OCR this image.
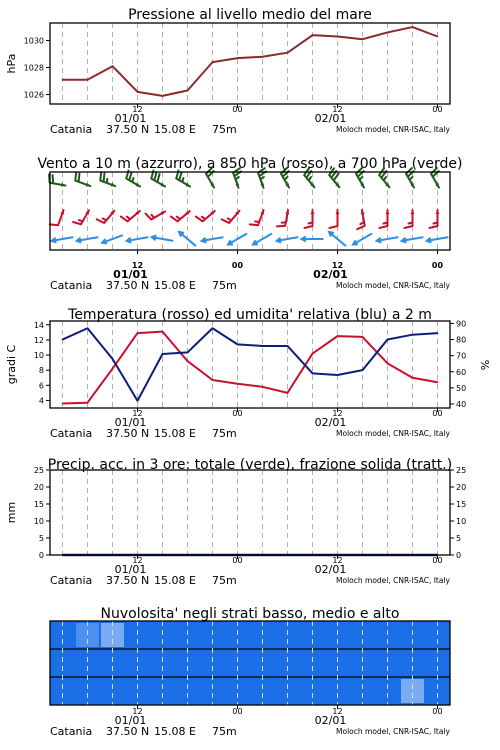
1026
1028
1030
hPa
12
01/01
00	12
02/01
00
Catania 37.50 N 15.08 E 75m	Moloch model, CNR-ISAC, Italy
Pressione al livello medio del mare
12
01/01
00	12
02/01
00
Catania 37.50 N 15.08 E 75m	Moloch model, CNR-ISAC, Italy
Vento a 10 m (azzurro), a 850 hPa (rosso), a 700 hPa (verde)
4
6
8
10
12
14
40
50
60
70
80
90
gradi C	%
12
01/01
00	12
02/01
00
Catania 37.50 N 15.08 E 75m	Moloch model, CNR-ISAC, Italy
Temperatura (rosso) ed umidita' relativa (blu) a 2 m
0
5
10
15
20
25
0
5
10
15
20
25
mm
12
01/01
00	12
02/01
00
Catania 37.50 N 15.08 E 75m	Moloch model, CNR-ISAC, Italy
Precip. acc. in 3 ore: totale (verde), frazione solida (tratt.)
12
01/01
00	12
02/01
00
Catania 37.50 N 15.08 E 75m	Moloch model, CNR-ISAC, Italy
Nuvolosita' negli strati basso, medio e alto
